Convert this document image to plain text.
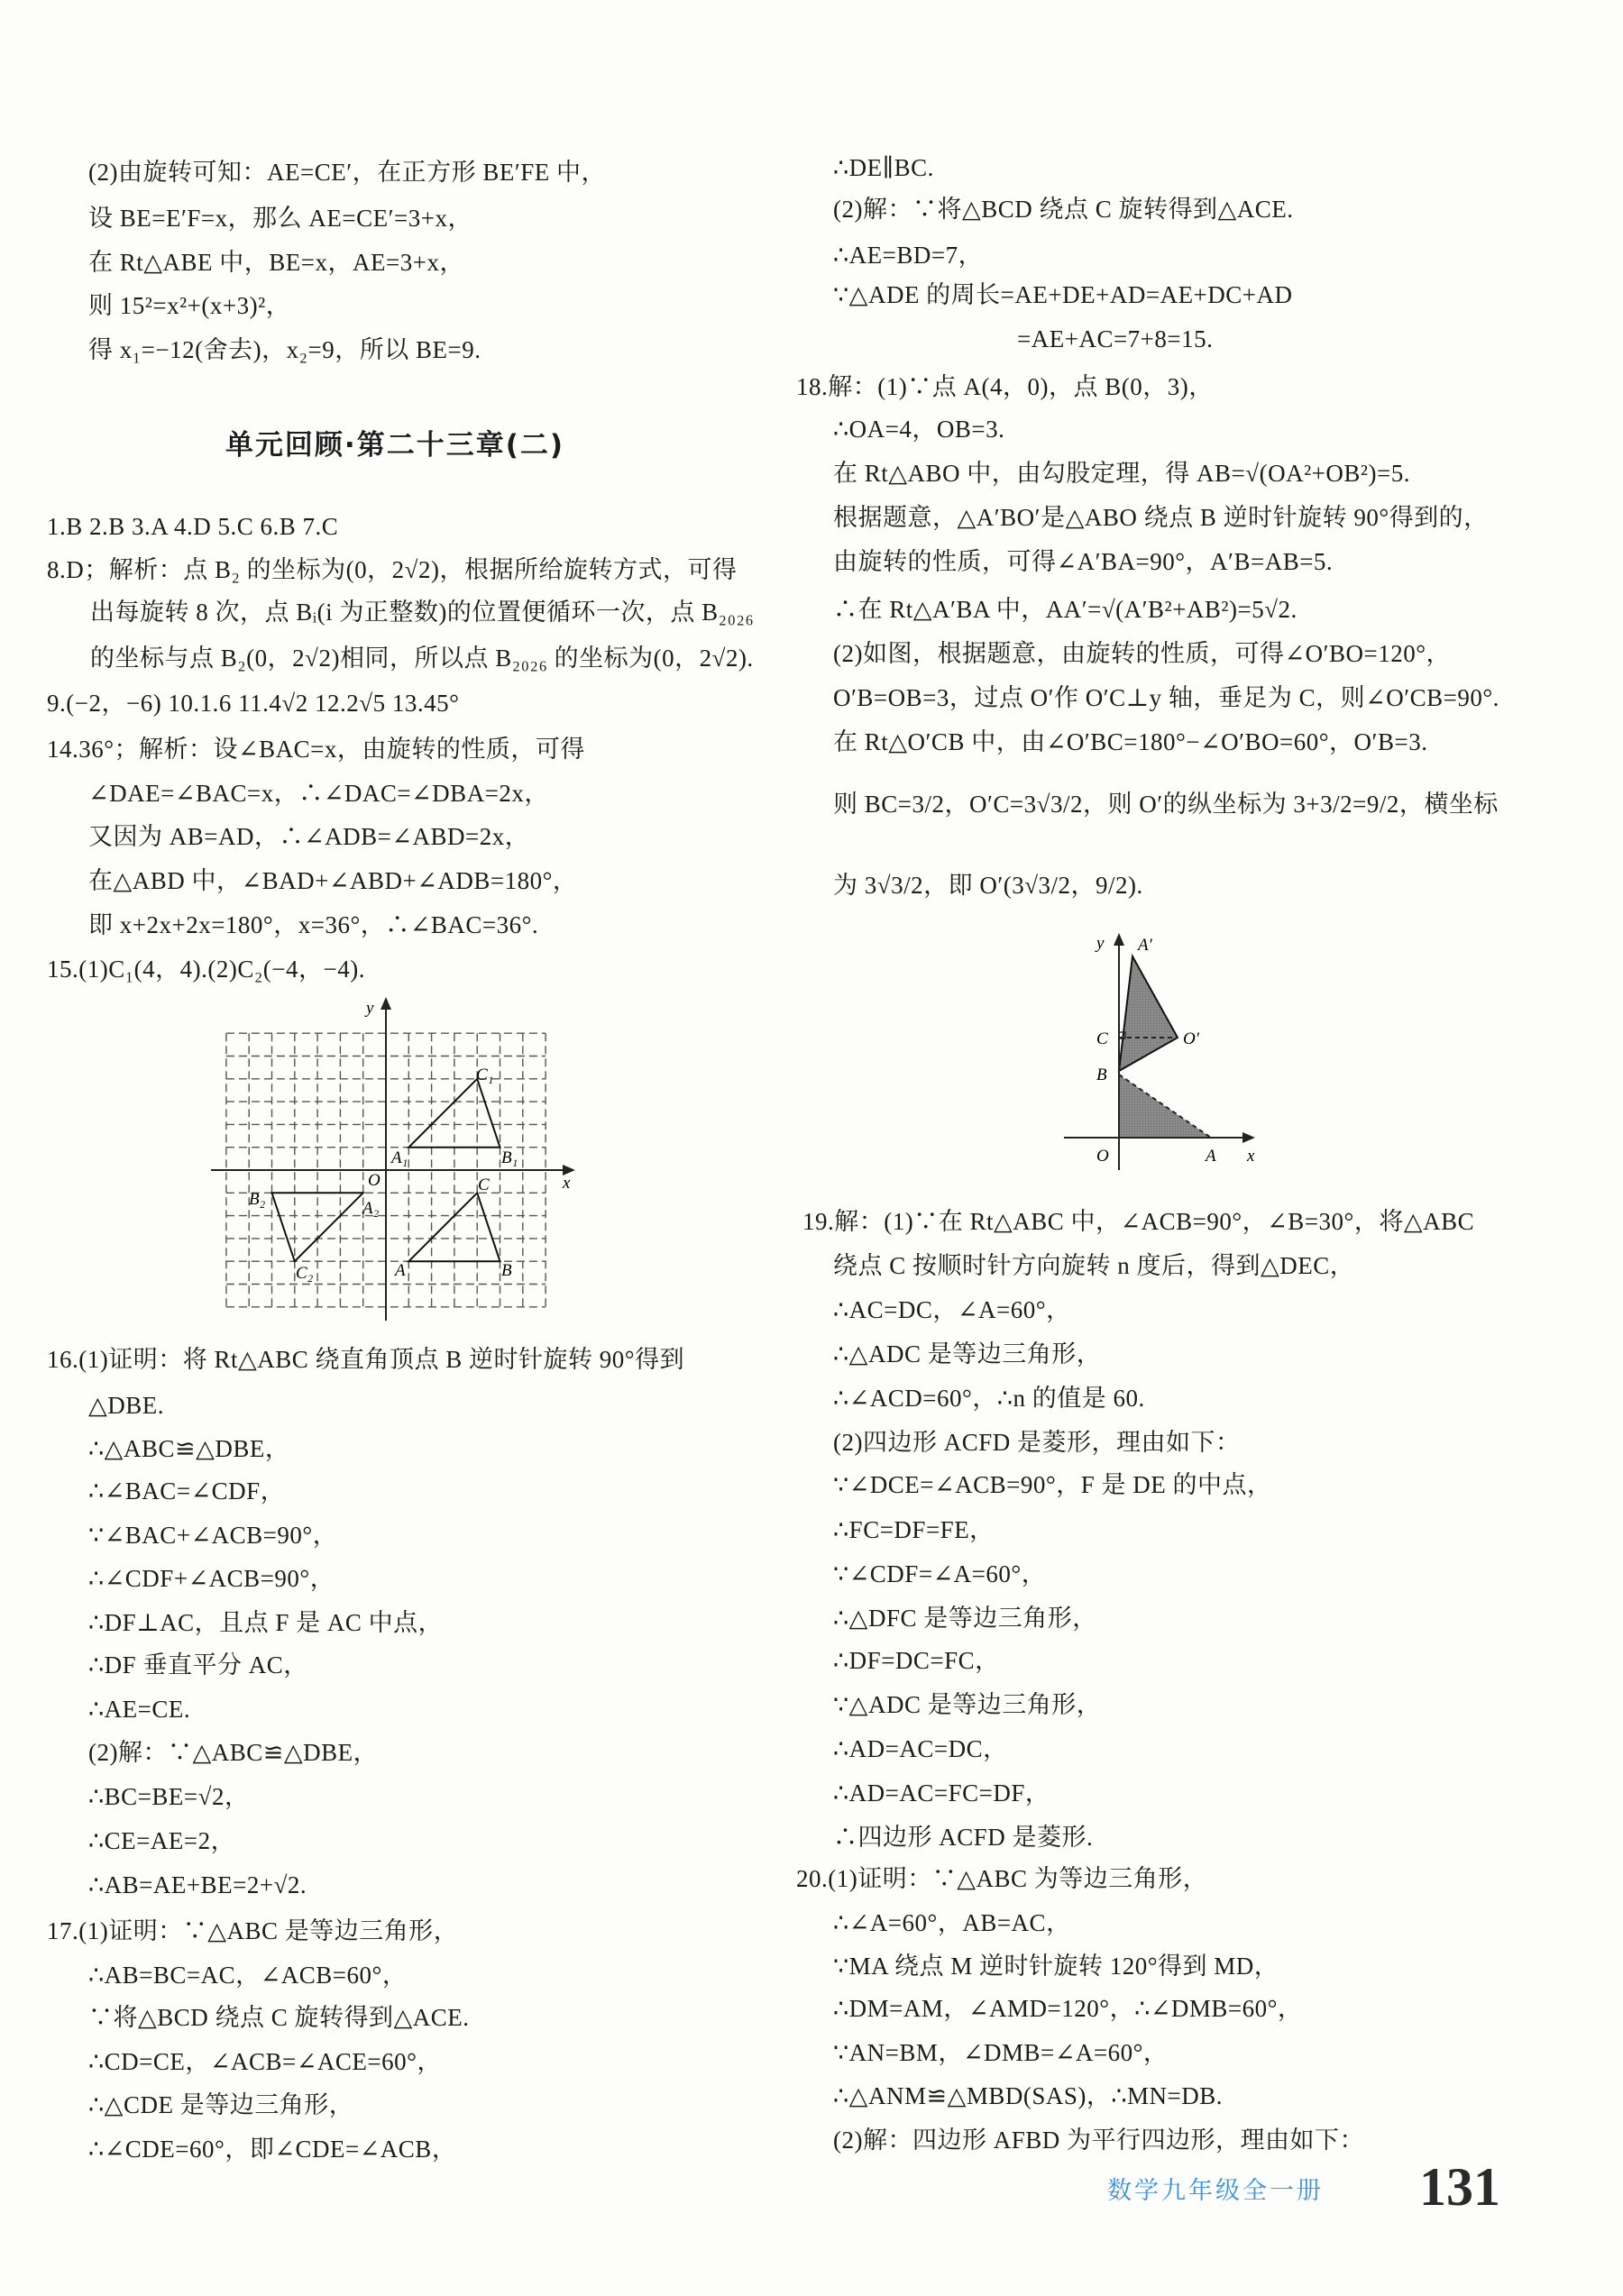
(2)由旋转可知：AE=CE′，在正方形 BE′FE 中，
设 BE=E′F=x，那么 AE=CE′=3+x，
在 Rt△ABE 中，BE=x，AE=3+x，
则 15²=x²+(x+3)²，
得 x₁=−12(舍去)，x₂=9，所以 BE=9.
1.B 2.B 3.A 4.D 5.C 6.B 7.C
8.D；解析：点 B₂ 的坐标为(0，2√2)，根据所给旋转方式，可得
出每旋转 8 次，点 Bᵢ(i 为正整数)的位置便循环一次，点 B₂₀₂₆
的坐标与点 B₂(0，2√2)相同，所以点 B₂₀₂₆ 的坐标为(0，2√2).
9.(−2，−6) 10.1.6 11.4√2 12.2√5 13.45°
14.36°；解析：设∠BAC=x，由旋转的性质，可得
∠DAE=∠BAC=x，∴∠DAC=∠DBA=2x，
又因为 AB=AD，∴∠ADB=∠ABD=2x，
在△ABD 中，∠BAD+∠ABD+∠ADB=180°，
即 x+2x+2x=180°，x=36°，∴∠BAC=36°.
15.(1)C₁(4，4).(2)C₂(−4，−4).
16.(1)证明：将 Rt△ABC 绕直角顶点 B 逆时针旋转 90°得到
△DBE.
∴△ABC≌△DBE，
∴∠BAC=∠CDF，
∵∠BAC+∠ACB=90°，
∴∠CDF+∠ACB=90°，
∴DF⊥AC，且点 F 是 AC 中点，
∴DF 垂直平分 AC，
∴AE=CE.
(2)解：∵△ABC≌△DBE，
∴BC=BE=√2，
∴CE=AE=2，
∴AB=AE+BE=2+√2.
17.(1)证明：∵△ABC 是等边三角形，
∴AB=BC=AC，∠ACB=60°，
∵将△BCD 绕点 C 旋转得到△ACE.
∴CD=CE，∠ACB=∠ACE=60°，
∴△CDE 是等边三角形，
∴∠CDE=60°，即∠CDE=∠ACB，
单元回顾·第二十三章(二)
∴DE∥BC.
(2)解：∵将△BCD 绕点 C 旋转得到△ACE.
∴AE=BD=7，
∵△ADE 的周长=AE+DE+AD=AE+DC+AD
=AE+AC=7+8=15.
18.解：(1)∵点 A(4，0)，点 B(0，3)，
∴OA=4，OB=3.
在 Rt△ABO 中，由勾股定理，得 AB=√(OA²+OB²)=5.
根据题意，△A′BO′是△ABO 绕点 B 逆时针旋转 90°得到的，
由旋转的性质，可得∠A′BA=90°，A′B=AB=5.
∴在 Rt△A′BA 中，AA′=√(A′B²+AB²)=5√2.
(2)如图，根据题意，由旋转的性质，可得∠O′BO=120°，
O′B=OB=3，过点 O′作 O′C⊥y 轴，垂足为 C，则∠O′CB=90°.
在 Rt△O′CB 中，由∠O′BC=180°−∠O′BO=60°，O′B=3.
则 BC=3/2，O′C=3√3/2，则 O′的纵坐标为 3+3/2=9/2，横坐标
为 3√3/2，即 O′(3√3/2，9/2).
19.解：(1)∵在 Rt△ABC 中，∠ACB=90°，∠B=30°，将△ABC
绕点 C 按顺时针方向旋转 n 度后，得到△DEC，
∴AC=DC，∠A=60°，
∴△ADC 是等边三角形，
∴∠ACD=60°，∴n 的值是 60.
(2)四边形 ACFD 是菱形，理由如下：
∵∠DCE=∠ACB=90°，F 是 DE 的中点，
∴FC=DF=FE，
∵∠CDF=∠A=60°，
∴△DFC 是等边三角形，
∴DF=DC=FC，
∵△ADC 是等边三角形，
∴AD=AC=DC，
∴AD=AC=FC=DF，
∴四边形 ACFD 是菱形.
20.(1)证明：∵△ABC 为等边三角形，
∴∠A=60°，AB=AC，
∵MA 绕点 M 逆时针旋转 120°得到 MD，
∴DM=AM，∠AMD=120°，∴∠DMB=60°，
∵AN=BM，∠DMB=∠A=60°，
∴△ANM≌△MBD(SAS)，∴MN=DB.
(2)解：四边形 AFBD 为平行四边形，理由如下：
x
y
O
A₁	B₁
C₁
A	B
C
A₂
B₂
C₂
x
y
O	A
B
C
A′
O′
数学九年级全一册 131
